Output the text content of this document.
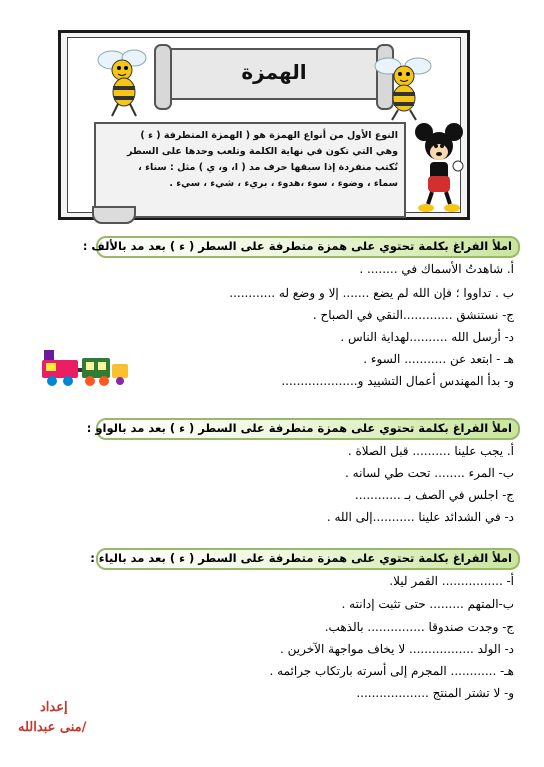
الهمزة
النوع الأول من أنواع الهمزة هو ( الهمزة المتطرفة ( ء )
وهي التي تكون في نهاية الكلمة وتلعب وحدها على السطر
تُكتب منفردة إذا سبقها حرف مد ( ا، و، ي ) مثل : سناء ،
سماء ، وضوء ، سوء ،هدوء ، بريء ، شيء ، سيء .
املأ الفراغ بكلمة تحتوي على همزة متطرفة على السطر ( ء ) بعد مد بالألف :
أ. شاهدتُ الأسماك في ........ .
ب . تداووا ؛ فإن الله لم يضع ....... إلا و وضع له ............
ج- نستنشق .............النقي في الصباح .
د- أرسل الله ..........لهداية الناس .
هـ - ابتعد عن ........... السوء .
و- بدأ المهندس أعمال التشييد و....................
املأ الفراغ بكلمة تحتوي على همزة متطرفة على السطر ( ء ) بعد مد بالواو :
أ. يجب علينا .......... قبل الصلاة .
ب- المرء ........ تحت طي لسانه .
ج- اجلس في الصف بـ ............
د- في الشدائد علينا ...........إلى الله .
املأ الفراغ بكلمة تحتوي على همزة متطرفة على السطر ( ء ) بعد مد بالياء :
أ- ................ القمر ليلا.
ب-المتهم ......... حتى تثبت إدانته .
ج- وجدت صندوقا ............... بالذهب.
د- الولد ................. لا يخاف مواجهة الآخرين .
هـ- ............ المجرم إلى أسرته بارتكاب جرائمه .
و- لا تشتر المنتج ...................
إعداد
/منى عبدالله
